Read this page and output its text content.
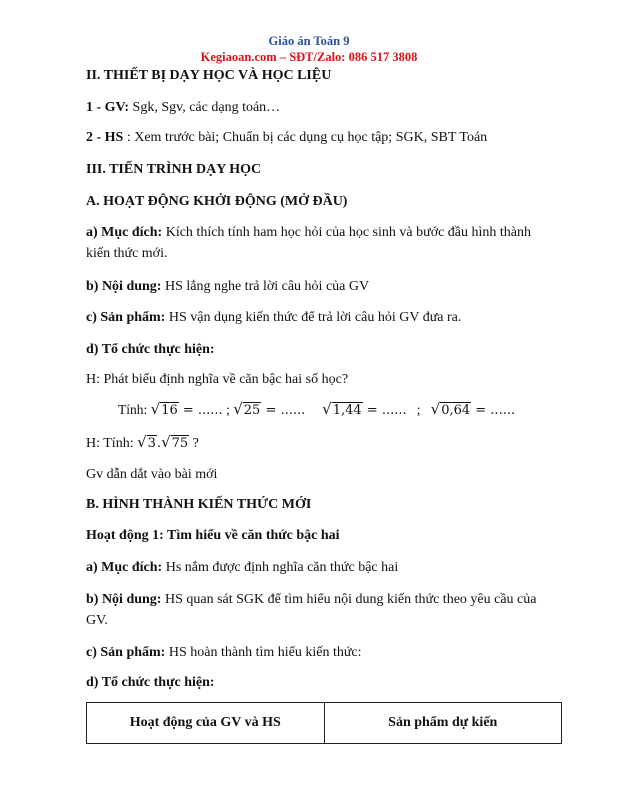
Giáo án Toán 9
Kegiaoan.com – SĐT/Zalo: 086 517 3808
II. THIẾT BỊ DẠY HỌC VÀ HỌC LIỆU
1 - GV: Sgk, Sgv, các dạng toán…
2 - HS : Xem trước bài; Chuẩn bị các dụng cụ học tập; SGK, SBT Toán
III. TIẾN TRÌNH DẠY HỌC
A. HOẠT ĐỘNG KHỞI ĐỘNG (MỞ ĐẦU)
a) Mục đích: Kích thích tính ham học hỏi của học sinh và bước đầu hình thành
kiến thức mới.
b) Nội dung: HS lắng nghe trả lời câu hỏi của GV
c) Sản phẩm: HS vận dụng kiến thức để trả lời câu hỏi GV đưa ra.
d) Tổ chức thực hiện:
H: Phát biểu định nghĩa về căn bậc hai số học?
Tính: √16 = ...... ; √25 = ...... √1,44 = ...... ; √0,64 = ......
H: Tính: √3.√75 ?
Gv dẫn dắt vào bài mới
B. HÌNH THÀNH KIẾN THỨC MỚI
Hoạt động 1: Tìm hiểu về căn thức bậc hai
a) Mục đích: Hs nắm được định nghĩa căn thức bậc hai
b) Nội dung: HS quan sát SGK để tìm hiểu nội dung kiến thức theo yêu cầu của
GV.
c) Sản phẩm: HS hoàn thành tìm hiểu kiến thức:
d) Tổ chức thực hiện:
Hoạt động của GV và HS	Sản phẩm dự kiến
